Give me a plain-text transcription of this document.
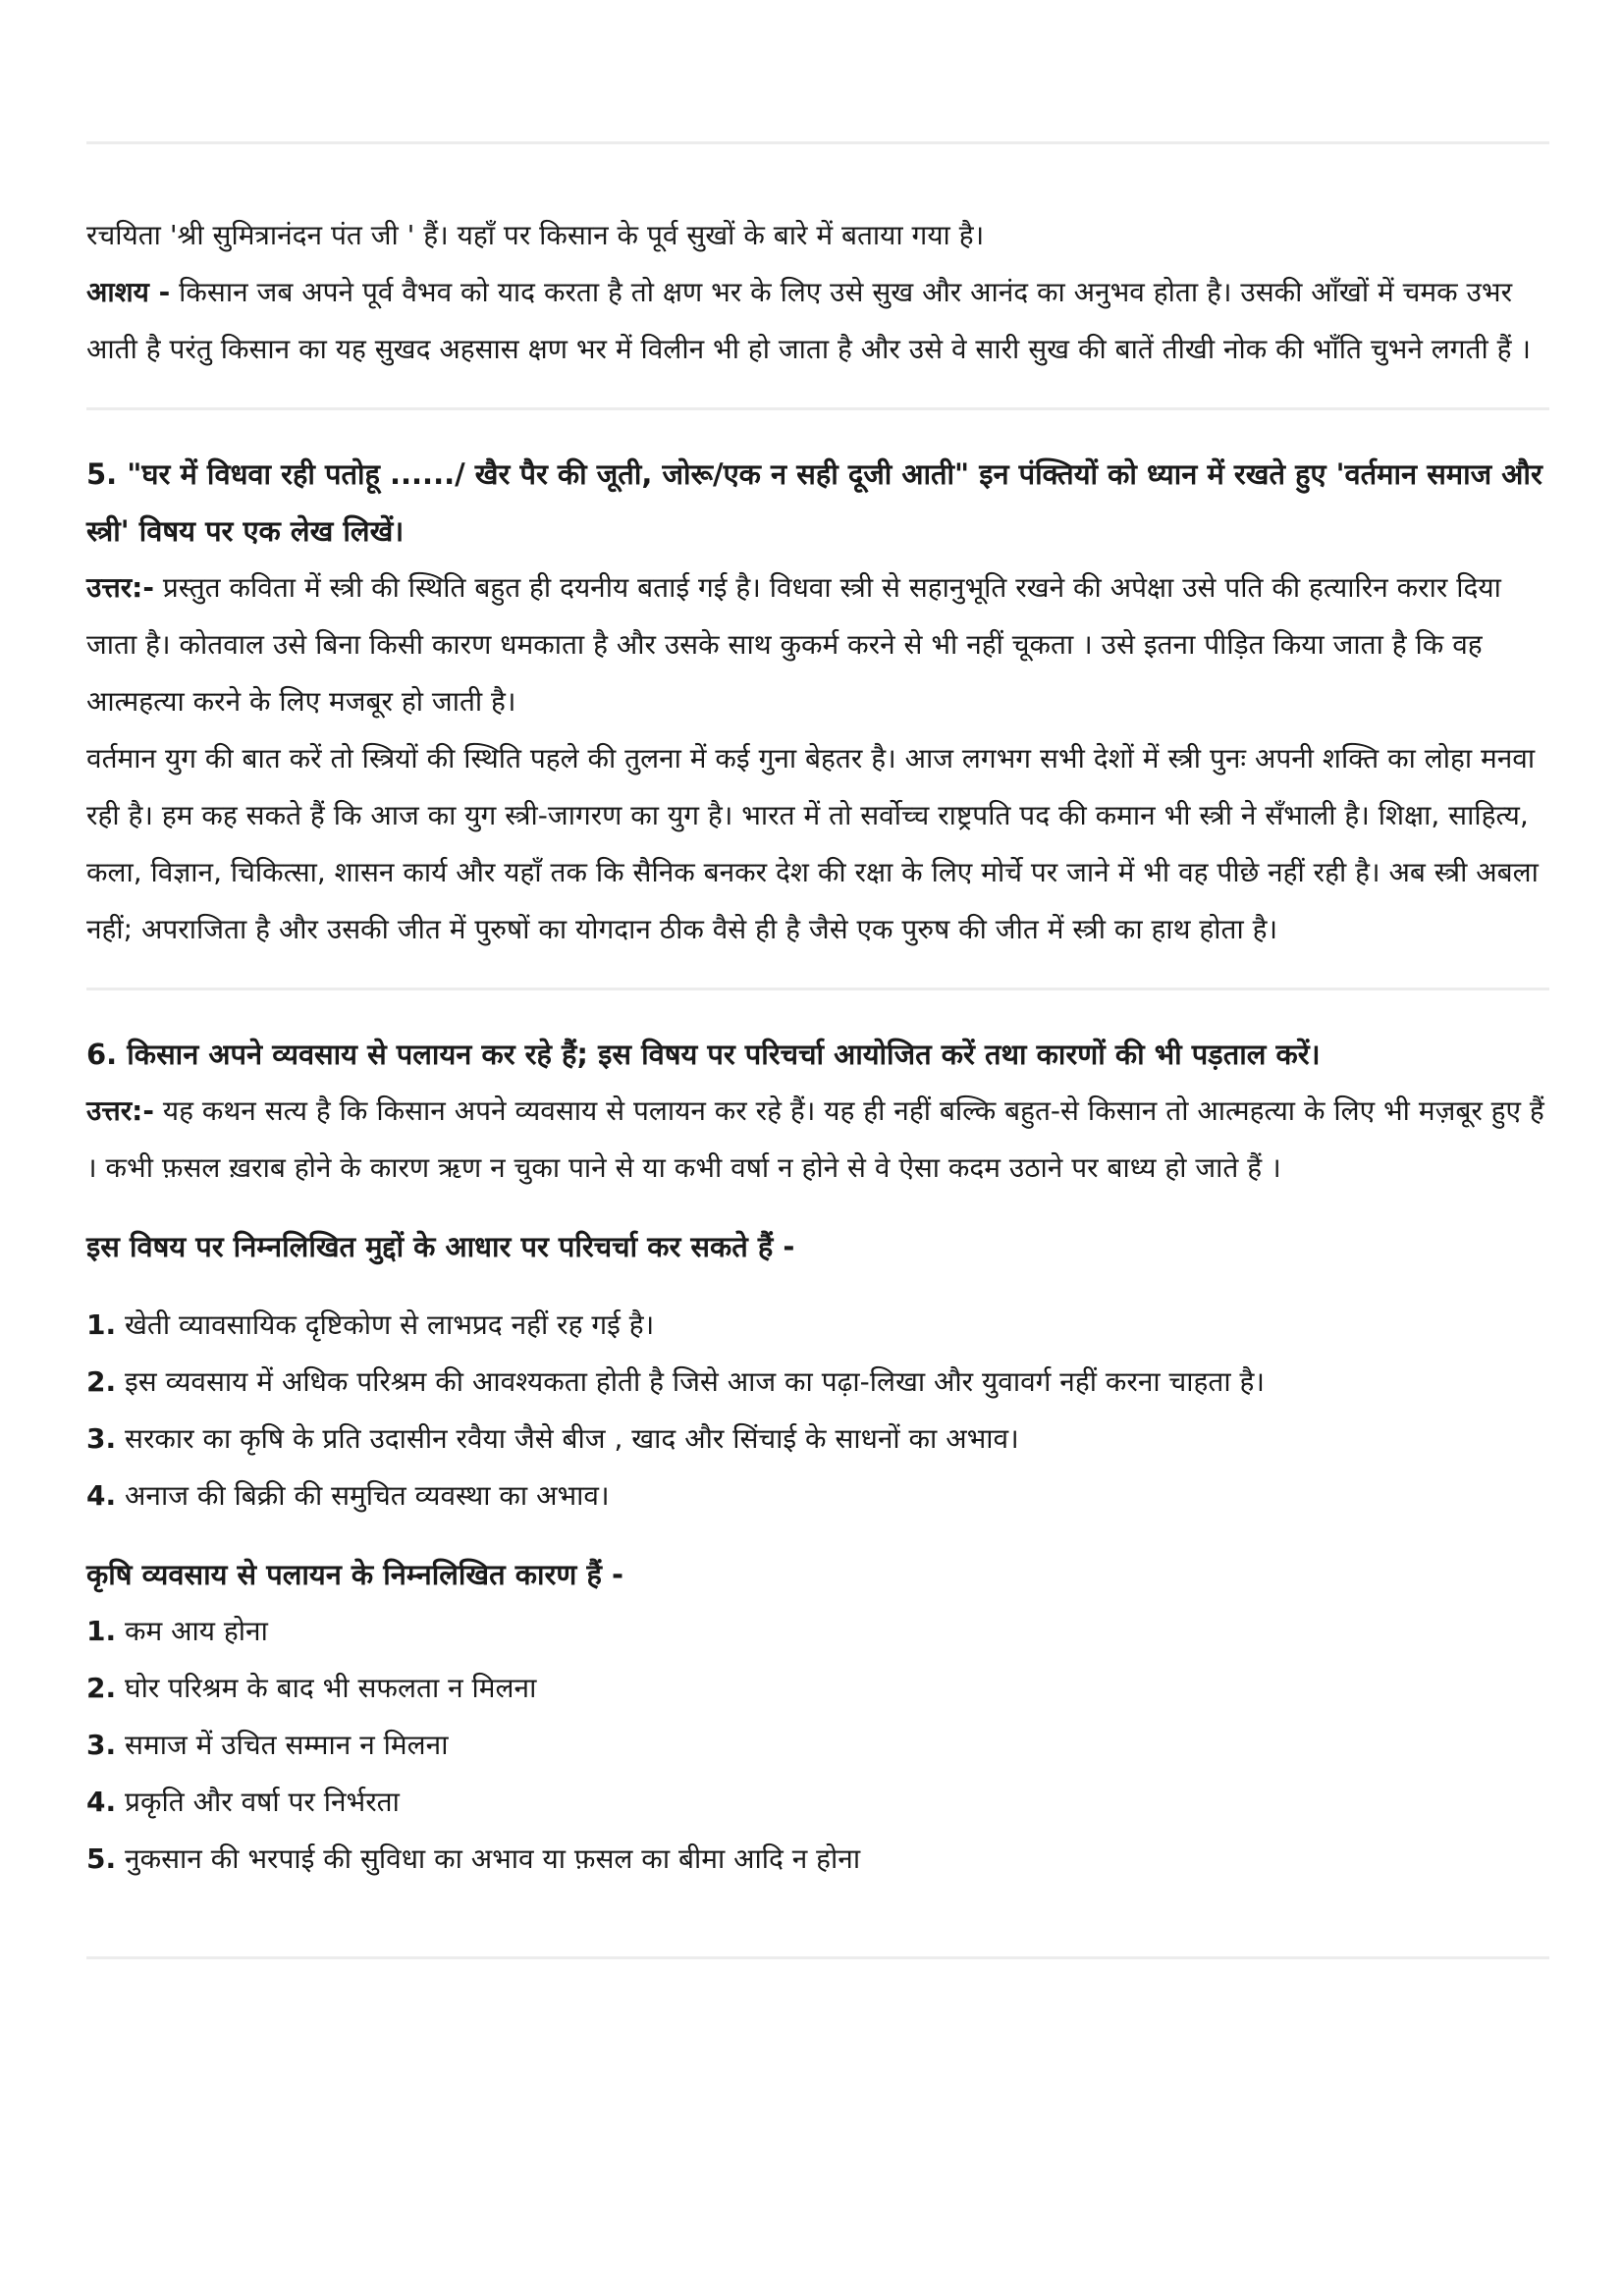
रचयिता 'श्री सुमित्रानंदन पंत जी ' हैं। यहाँ पर किसान के पूर्व सुखों के बारे में बताया गया है।

आशय - किसान जब अपने पूर्व वैभव को याद करता है तो क्षण भर के लिए उसे सुख और आनंद का अनुभव होता है। उसकी आँखों में चमक उभर आती है परंतु किसान का यह सुखद अहसास क्षण भर में विलीन भी हो जाता है और उसे वे सारी सुख की बातें तीखी नोक की भाँति चुभने लगती हैं ।

5. "घर में विधवा रही पतोहू ....../ खैर पैर की जूती, जोरू/एक न सही दूजी आती" इन पंक्तियों को ध्यान में रखते हुए 'वर्तमान समाज और स्त्री' विषय पर एक लेख लिखें।

उत्तर:- प्रस्तुत कविता में स्त्री की स्थिति बहुत ही दयनीय बताई गई है। विधवा स्त्री से सहानुभूति रखने की अपेक्षा उसे पति की हत्यारिन करार दिया जाता है। कोतवाल उसे बिना किसी कारण धमकाता है और उसके साथ कुकर्म करने से भी नहीं चूकता । उसे इतना पीड़ित किया जाता है कि वह आत्महत्या करने के लिए मजबूर हो जाती है।

वर्तमान युग की बात करें तो स्त्रियों की स्थिति पहले की तुलना में कई गुना बेहतर है। आज लगभग सभी देशों में स्त्री पुनः अपनी शक्ति का लोहा मनवा रही है। हम कह सकते हैं कि आज का युग स्त्री-जागरण का युग है। भारत में तो सर्वोच्च राष्ट्रपति पद की कमान भी स्त्री ने सँभाली है। शिक्षा, साहित्य, कला, विज्ञान, चिकित्सा, शासन कार्य और यहाँ तक कि सैनिक बनकर देश की रक्षा के लिए मोर्चे पर जाने में भी वह पीछे नहीं रही है। अब स्त्री अबला नहीं; अपराजिता है और उसकी जीत में पुरुषों का योगदान ठीक वैसे ही है जैसे एक पुरुष की जीत में स्त्री का हाथ होता है।

6. किसान अपने व्यवसाय से पलायन कर रहे हैं; इस विषय पर परिचर्चा आयोजित करें तथा कारणों की भी पड़ताल करें।

उत्तर:- यह कथन सत्य है कि किसान अपने व्यवसाय से पलायन कर रहे हैं। यह ही नहीं बल्कि बहुत-से किसान तो आत्महत्या के लिए भी मज़बूर हुए हैं । कभी फ़सल ख़राब होने के कारण ऋण न चुका पाने से या कभी वर्षा न होने से वे ऐसा कदम उठाने पर बाध्य हो जाते हैं ।

इस विषय पर निम्नलिखित मुद्दों के आधार पर परिचर्चा कर सकते हैं -

1. खेती व्यावसायिक दृष्टिकोण से लाभप्रद नहीं रह गई है।
2. इस व्यवसाय में अधिक परिश्रम की आवश्यकता होती है जिसे आज का पढ़ा-लिखा और युवावर्ग नहीं करना चाहता है।
3. सरकार का कृषि के प्रति उदासीन रवैया जैसे बीज , खाद और सिंचाई के साधनों का अभाव।
4. अनाज की बिक्री की समुचित व्यवस्था का अभाव।

कृषि व्यवसाय से पलायन के निम्नलिखित कारण हैं -

1. कम आय होना
2. घोर परिश्रम के बाद भी सफलता न मिलना
3. समाज में उचित सम्मान न मिलना
4. प्रकृति और वर्षा पर निर्भरता
5. नुकसान की भरपाई की सुविधा का अभाव या फ़सल का बीमा आदि न होना
